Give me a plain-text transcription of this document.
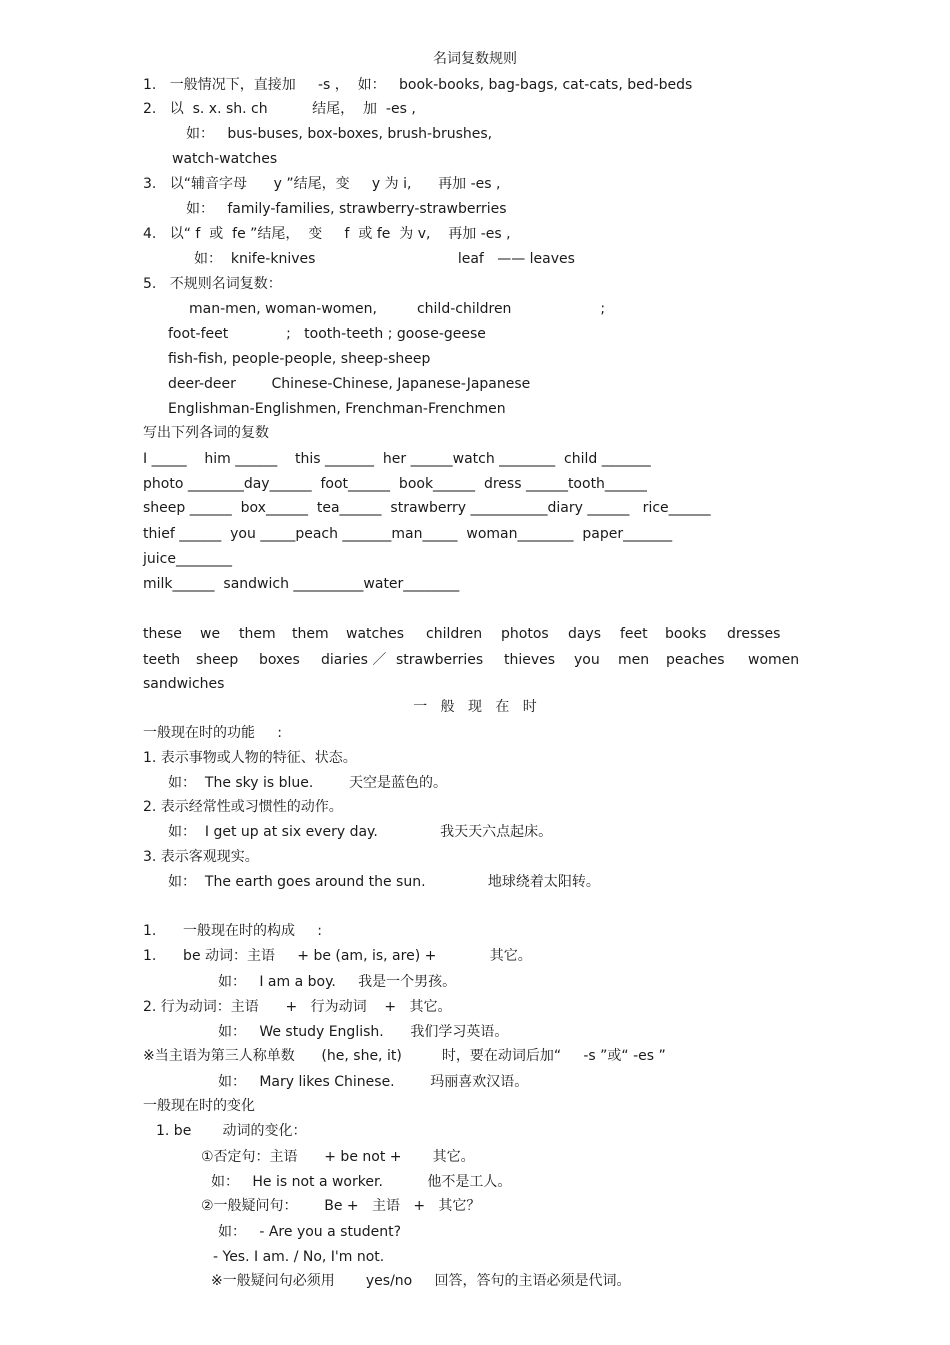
名词复数规则
1.   一般情况下，直接加     -s ，  如：   book-books, bag-bags, cat-cats, bed-beds
2.   以  s. x. sh. ch          结尾，  加  -es ,
如：   bus-buses, box-boxes, brush-brushes,
watch-watches
3.   以“辅音字母      y ”结尾，变     y 为 i,      再加 -es ,
如：   family-families, strawberry-strawberries
4.   以“ f  或  fe ”结尾，  变     f  或 fe  为 v,    再加 -es ,
如：  knife-knives                                leaf   —— leaves
5.   不规则名词复数：
man-men, woman-women,         child-children                    ;
foot-feet             ;   tooth-teeth ; goose-geese
fish-fish, people-people, sheep-sheep
deer-deer        Chinese-Chinese, Japanese-Japanese
Englishman-Englishmen, Frenchman-Frenchmen
写出下列各词的复数
I _____    him ______    this _______  her ______watch ________  child _______
photo ________day______  foot______  book______  dress ______tooth______
sheep ______  box______  tea______  strawberry ___________diary ______   rice______
thief ______  you _____peach _______man_____  woman________  paper_______
juice________
milk______  sandwich __________water________
these we them them watches children photos days feet books dresses
teeth sheep boxes diaries ／ strawberries thieves you men peaches women
sandwiches
一   般   现   在   时
一般现在时的功能     :
1. 表示事物或人物的特征、状态。
如：  The sky is blue.        天空是蓝色的。
2. 表示经常性或习惯性的动作。
如：  I get up at six every day.              我天天六点起床。
3. 表示客观现实。
如：  The earth goes around the sun.              地球绕着太阳转。
1.      一般现在时的构成     :
1.      be 动词：主语     + be (am, is, are) +            其它。
如：   I am a boy.     我是一个男孩。
2. 行为动词：主语      +   行为动词    +   其它。
如：   We study English.      我们学习英语。
※当主语为第三人称单数      (he, she, it)         时，要在动词后加“     -s ”或“ -es ”
如：   Mary likes Chinese.        玛丽喜欢汉语。
一般现在时的变化
1. be       动词的变化：
①否定句：主语      + be not +       其它。
如：   He is not a worker.          他不是工人。
②一般疑问句：      Be +   主语   +   其它？
如：   - Are you a student?
- Yes. I am. / No, I'm not.
※一般疑问句必须用       yes/no     回答，答句的主语必须是代词。
